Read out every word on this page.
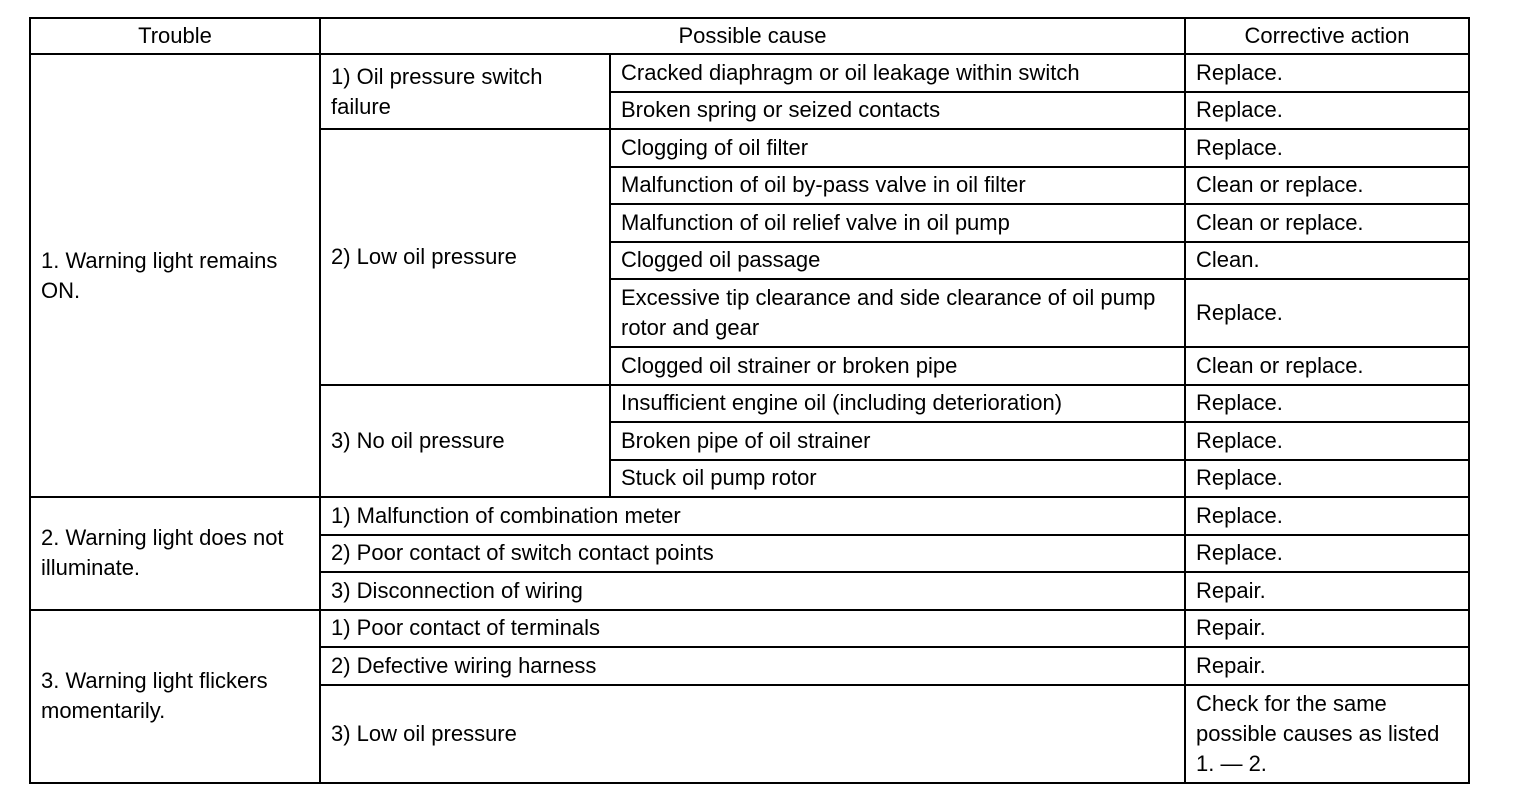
Trouble	Possible cause		Corrective action
1. Warning light remains ON.	1) Oil pressure switch failure	Cracked diaphragm or oil leakage within switch	Replace.
		Broken spring or seized contacts	Replace.
	2) Low oil pressure	Clogging of oil filter	Replace.
		Malfunction of oil by-pass valve in oil filter	Clean or replace.
		Malfunction of oil relief valve in oil pump	Clean or replace.
		Clogged oil passage	Clean.
		Excessive tip clearance and side clearance of oil pump rotor and gear	Replace.
		Clogged oil strainer or broken pipe	Clean or replace.
	3) No oil pressure	Insufficient engine oil (including deterioration)	Replace.
		Broken pipe of oil strainer	Replace.
		Stuck oil pump rotor	Replace.
2. Warning light does not illuminate.	1) Malfunction of combination meter		Replace.
	2) Poor contact of switch contact points		Replace.
	3) Disconnection of wiring		Repair.
3. Warning light flickers momentarily.	1) Poor contact of terminals		Repair.
	2) Defective wiring harness		Repair.
	3) Low oil pressure		Check for the same possible causes as listed 1. — 2.
